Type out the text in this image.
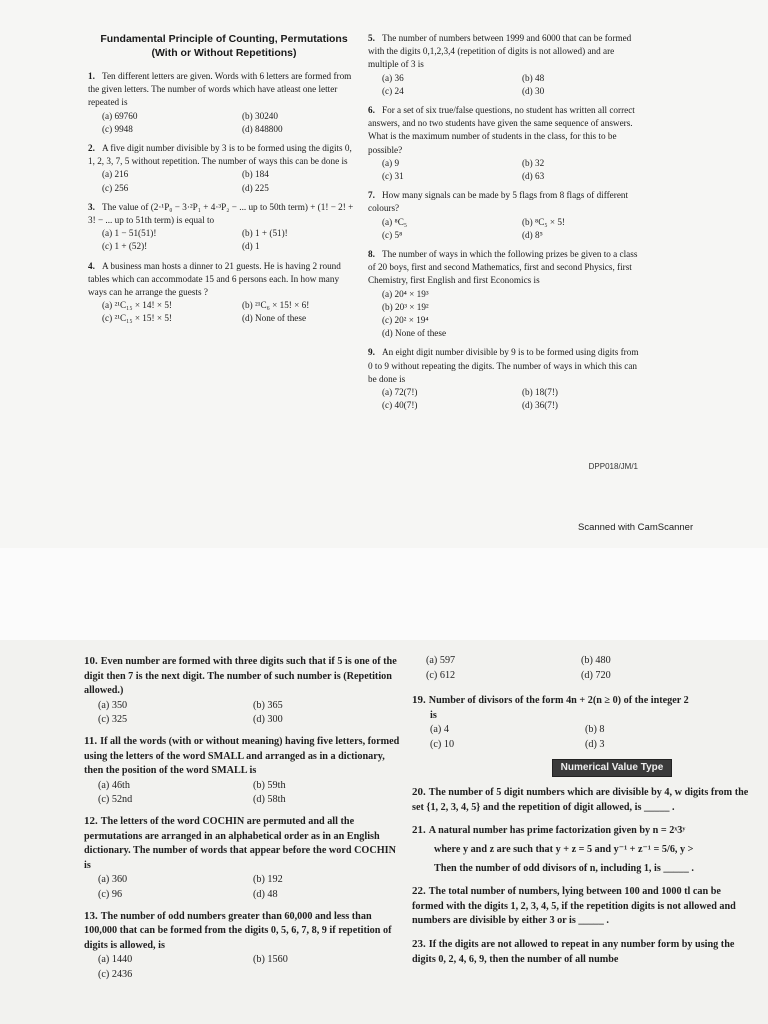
Fundamental Principle of Counting, Permutations
(With or Without Repetitions)
1. Ten different letters are given. Words with 6 letters are formed from the given letters. The number of words which have atleast one letter repeated is
(a) 69760	(b) 30240
(c) 9948	(d) 848800
2. A five digit number divisible by 3 is to be formed using the digits 0, 1, 2, 3, 7, 5 without repetition. The number of ways this can be done is
(a) 216	(b) 184
(c) 256	(d) 225
3. The value of (2·¹P₀ − 3·²P₁ + 4·³P₂ − ... up to 50th term) + (1! − 2! + 3! − ... up to 51th term) is equal to
(a) 1 − 51(51)!	(b) 1 + (51)!
(c) 1 + (52)!	(d) 1
4. A business man hosts a dinner to 21 guests. He is having 2 round tables which can accommodate 15 and 6 persons each. In how many ways can he arrange the guests ?
(a) ²¹C₁₅ × 14! × 5!	(b) ²¹C₆ × 15! × 6!
(c) ²¹C₁₅ × 15! × 5!	(d) None of these
5. The number of numbers between 1999 and 6000 that can be formed with the digits 0,1,2,3,4 (repetition of digits is not allowed) and are multiple of 3 is
(a) 36	(b) 48
(c) 24	(d) 30
6. For a set of six true/false questions, no student has written all correct answers, and no two students have given the same sequence of answers. What is the maximum number of students in the class, for this to be possible?
(a) 9	(b) 32
(c) 31	(d) 63
7. How many signals can be made by 5 flags from 8 flags of different colours?
(a) ⁸C₅	(b) ⁸C₅ × 5!
(c) 5⁸	(d) 8⁵
8. The number of ways in which the following prizes be given to a class of 20 boys, first and second Mathematics, first and second Physics, first Chemistry, first English and first Economics is
(a) 20⁴ × 19³
(b) 20³ × 19²
(c) 20² × 19⁴
(d) None of these
9. An eight digit number divisible by 9 is to be formed using digits from 0 to 9 without repeating the digits. The number of ways in which this can be done is
(a) 72(7!)	(b) 18(7!)
(c) 40(7!)	(d) 36(7!)
DPP018/JM/1
Scanned with CamScanner
10. Even number are formed with three digits such that if 5 is one of the digit then 7 is the next digit. The number of such number is (Repetition allowed.)
(a) 350	(b) 365
(c) 325	(d) 300
11. If all the words (with or without meaning) having five letters, formed using the letters of the word SMALL and arranged as in a dictionary, then the position of the word SMALL is
(a) 46th	(b) 59th
(c) 52nd	(d) 58th
12. The letters of the word COCHIN are permuted and all the permutations are arranged in an alphabetical order as in an English dictionary. The number of words that appear before the word COCHIN is
(a) 360	(b) 192
(c) 96	(d) 48
13. The number of odd numbers greater than 60,000 and less than 100,000 that can be formed from the digits 0, 5, 6, 7, 8, 9 if repetition of digits is allowed, is
(a) 1440	(b) 1560
(c) 2436
(a) 597	(b) 480
(c) 612	(d) 720
19. Number of divisors of the form 4n + 2(n ≥ 0) of the integer 2
is
(a) 4	(b) 8
(c) 10	(d) 3
Numerical Value Type
20. The number of 5 digit numbers which are divisible by 4, w digits from the set {1, 2, 3, 4, 5} and the repetition of digit allowed, is _____ .
21. A natural number has prime factorization given by n = 2ˣ3ʸ
where y and z are such that y + z = 5 and y⁻¹ + z⁻¹ = 5/6, y >
Then the number of odd divisors of n, including 1, is _____ .
22. The total number of numbers, lying between 100 and 1000 tl can be formed with the digits 1, 2, 3, 4, 5, if the repetition digits is not allowed and numbers are divisible by either 3 or is _____ .
23. If the digits are not allowed to repeat in any number form by using the digits 0, 2, 4, 6, 9, then the number of all numbe
